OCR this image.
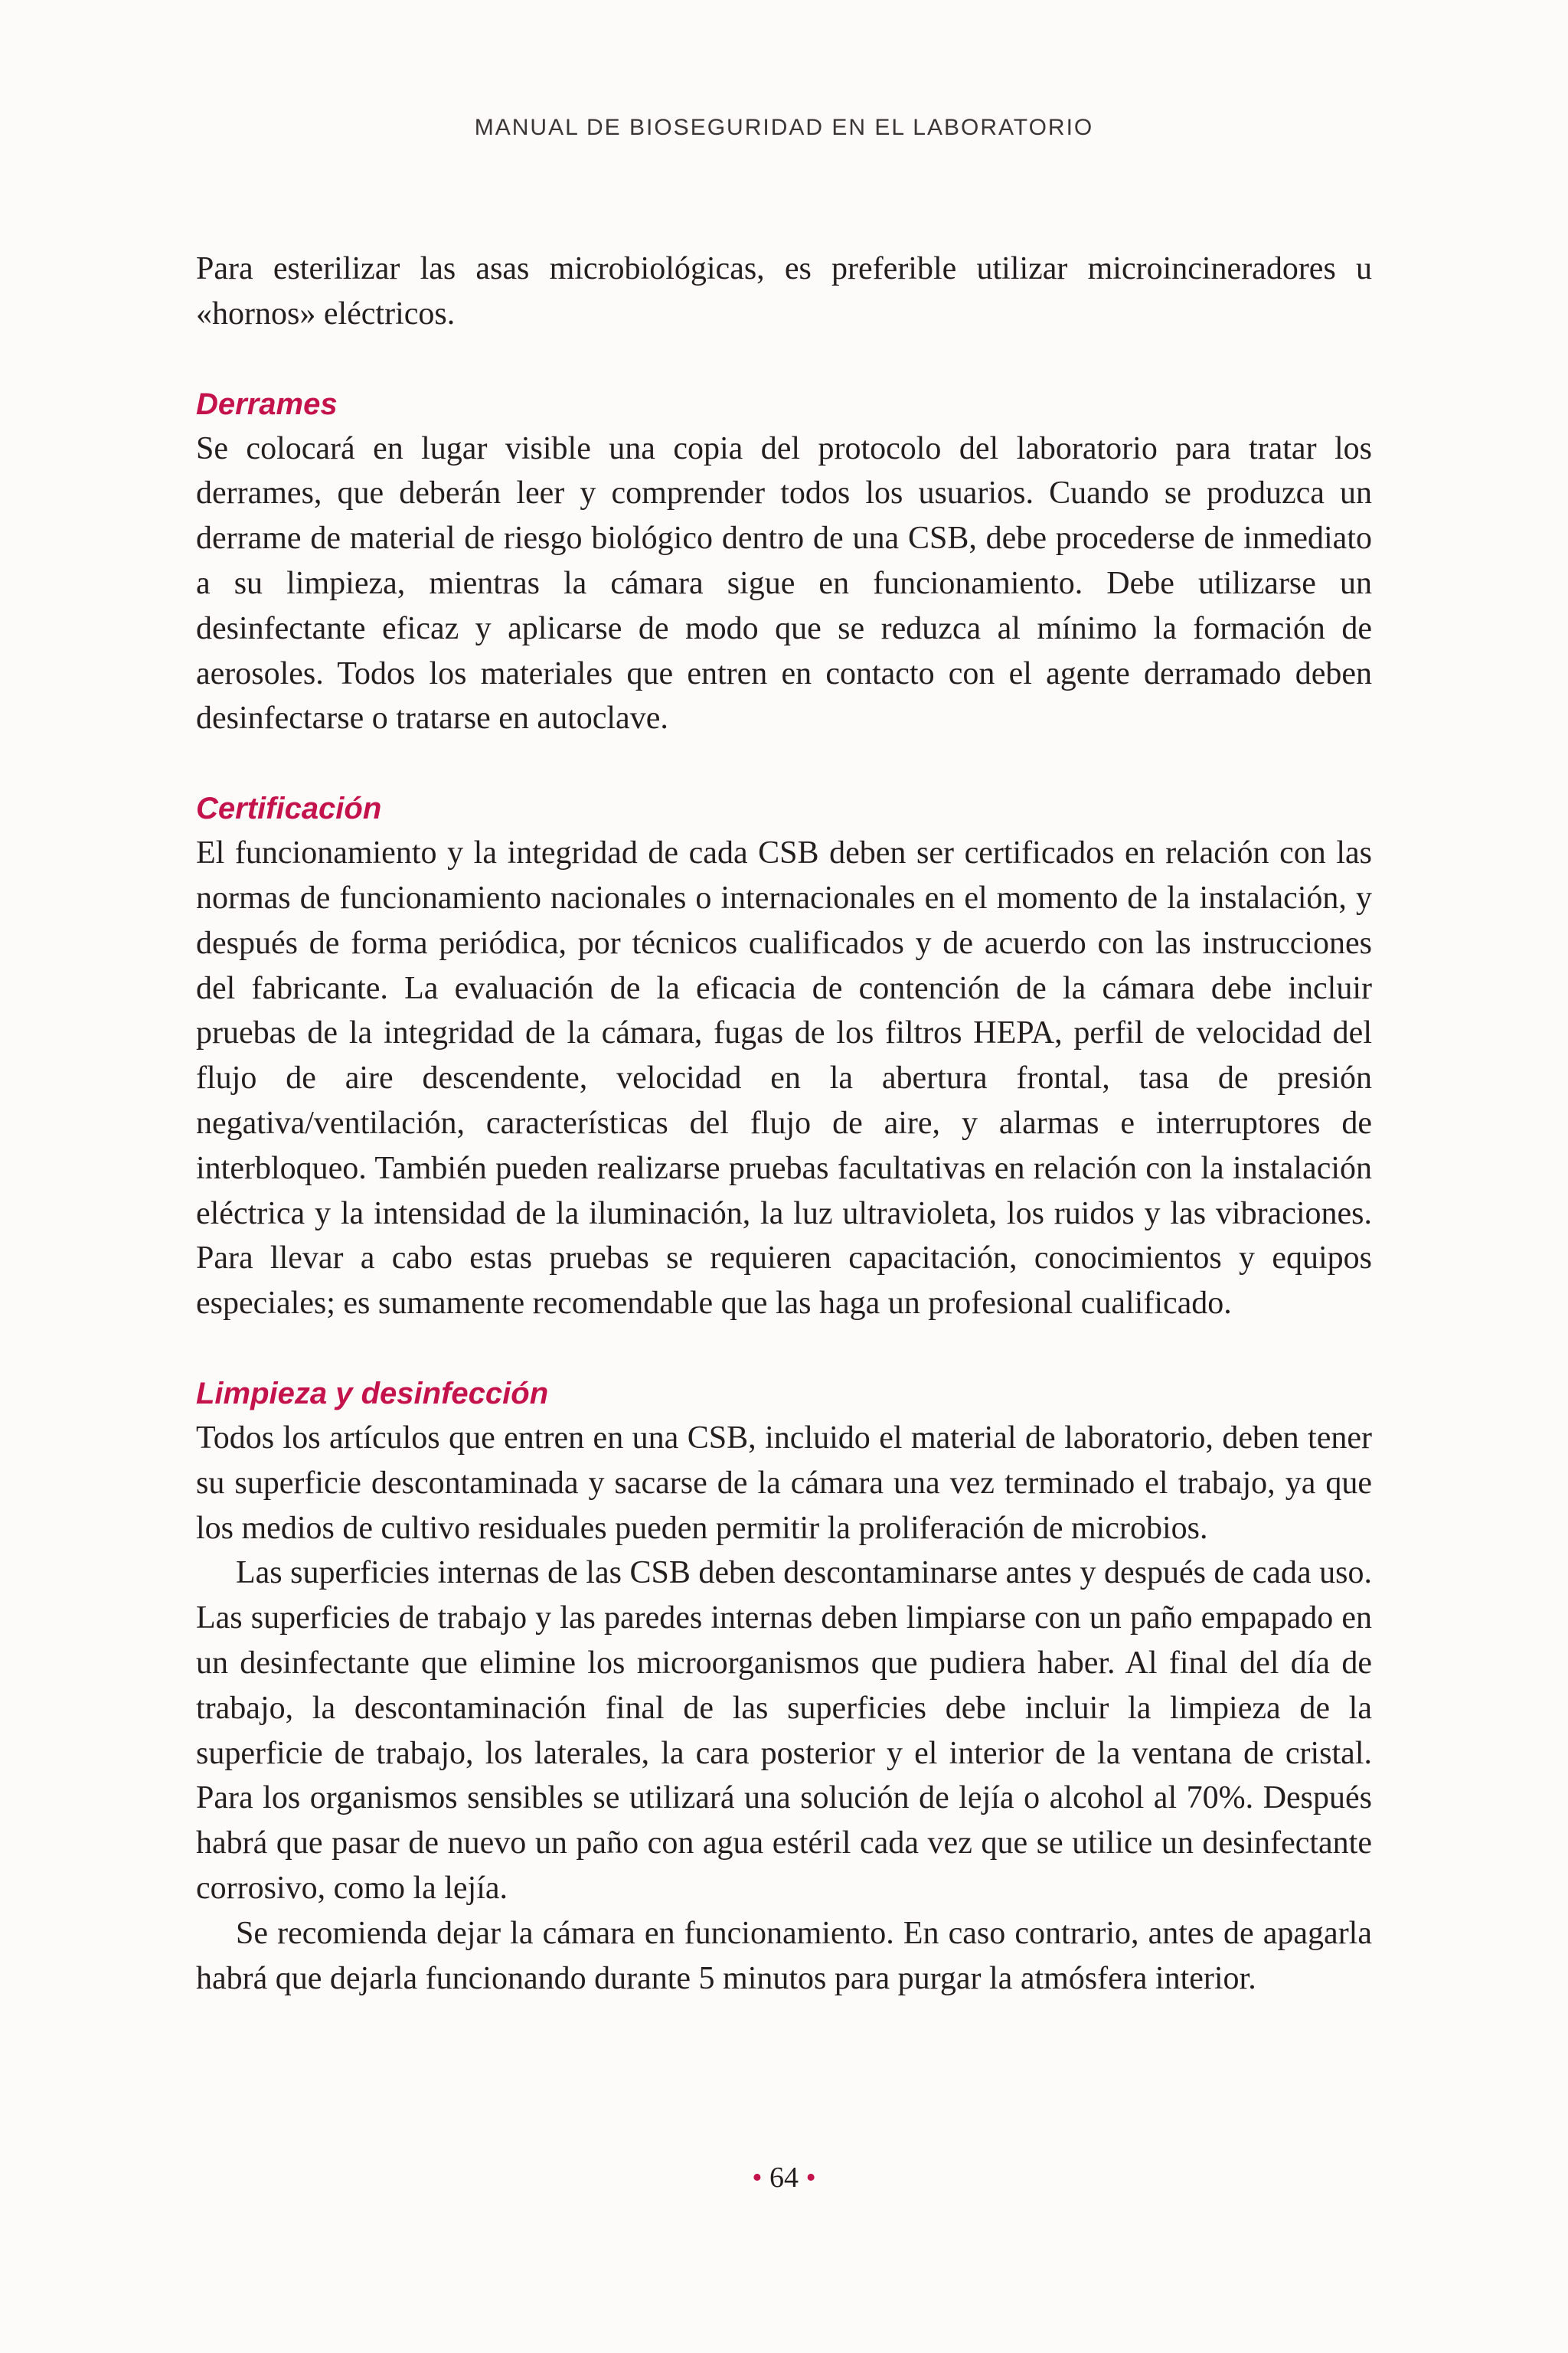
MANUAL DE BIOSEGURIDAD EN EL LABORATORIO

Para esterilizar las asas microbiológicas, es preferible utilizar microincineradores u «hornos» eléctricos.

Derrames

Se colocará en lugar visible una copia del protocolo del laboratorio para tratar los derrames, que deberán leer y comprender todos los usuarios. Cuando se produzca un derrame de material de riesgo biológico dentro de una CSB, debe procederse de inmediato a su limpieza, mientras la cámara sigue en funcionamiento. Debe utilizarse un desinfectante eficaz y aplicarse de modo que se reduzca al mínimo la formación de aerosoles. Todos los materiales que entren en contacto con el agente derramado deben desinfectarse o tratarse en autoclave.

Certificación

El funcionamiento y la integridad de cada CSB deben ser certificados en relación con las normas de funcionamiento nacionales o internacionales en el momento de la instalación, y después de forma periódica, por técnicos cualificados y de acuerdo con las instrucciones del fabricante. La evaluación de la eficacia de contención de la cámara debe incluir pruebas de la integridad de la cámara, fugas de los filtros HEPA, perfil de velocidad del flujo de aire descendente, velocidad en la abertura frontal, tasa de presión negativa/ventilación, características del flujo de aire, y alarmas e interruptores de interbloqueo. También pueden realizarse pruebas facultativas en relación con la instalación eléctrica y la intensidad de la iluminación, la luz ultravioleta, los ruidos y las vibraciones. Para llevar a cabo estas pruebas se requieren capacitación, conocimientos y equipos especiales; es sumamente recomendable que las haga un profesional cualificado.

Limpieza y desinfección

Todos los artículos que entren en una CSB, incluido el material de laboratorio, deben tener su superficie descontaminada y sacarse de la cámara una vez terminado el trabajo, ya que los medios de cultivo residuales pueden permitir la proliferación de microbios.

Las superficies internas de las CSB deben descontaminarse antes y después de cada uso. Las superficies de trabajo y las paredes internas deben limpiarse con un paño empapado en un desinfectante que elimine los microorganismos que pudiera haber. Al final del día de trabajo, la descontaminación final de las superficies debe incluir la limpieza de la superficie de trabajo, los laterales, la cara posterior y el interior de la ventana de cristal. Para los organismos sensibles se utilizará una solución de lejía o alcohol al 70%. Después habrá que pasar de nuevo un paño con agua estéril cada vez que se utilice un desinfectante corrosivo, como la lejía.

Se recomienda dejar la cámara en funcionamiento. En caso contrario, antes de apagarla habrá que dejarla funcionando durante 5 minutos para purgar la atmósfera interior.

• 64 •
